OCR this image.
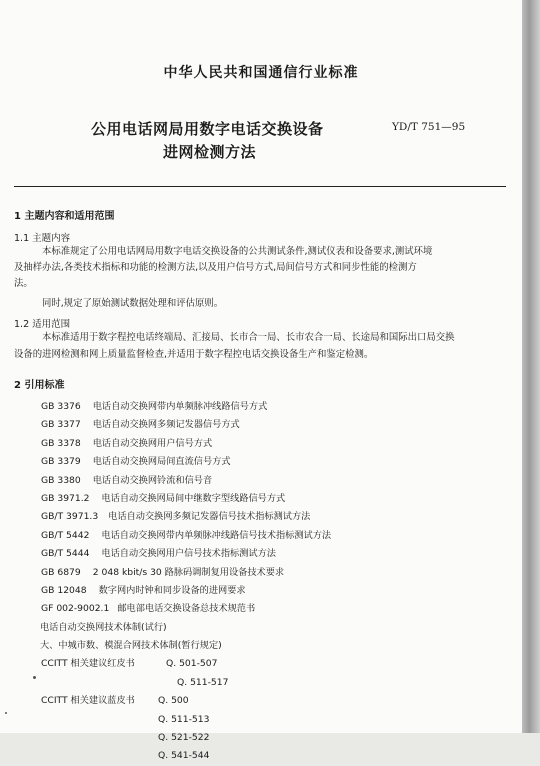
中华人民共和国通信行业标准
公用电话网局用数字电话交换设备
进网检测方法
YD/T 751—95
1 主题内容和适用范围
1.1 主题内容
本标准规定了公用电话网局用数字电话交换设备的公共测试条件,测试仪表和设备要求,测试环境
及抽样办法,各类技术指标和功能的检测方法,以及用户信号方式,局间信号方式和同步性能的检测方
法。
同时,规定了原始测试数据处理和评估原则。
1.2 适用范围
本标准适用于数字程控电话终端局、汇接局、长市合一局、长市农合一局、长途局和国际出口局交换
设备的进网检测和网上质量监督检查,并适用于数字程控电话交换设备生产和鉴定检测。
2 引用标准
GB 3376 电话自动交换网带内单频脉冲线路信号方式
GB 3377 电话自动交换网多频记发器信号方式
GB 3378 电话自动交换网用户信号方式
GB 3379 电话自动交换网局间直流信号方式
GB 3380 电话自动交换网铃流和信号音
GB 3971.2 电话自动交换网局间中继数字型线路信号方式
GB/T 3971.3 电话自动交换网多频记发器信号技术指标测试方法
GB/T 5442 电话自动交换网带内单频脉冲线路信号技术指标测试方法
GB/T 5444 电话自动交换网用户信号技术指标测试方法
GB 6879 2 048 kbit/s 30 路脉码调制复用设备技术要求
GB 12048 数字网内时钟和同步设备的进网要求
GF 002-9002.1 邮电部电话交换设备总技术规范书
电话自动交换网技术体制(试行)
大、中城市数、模混合网技术体制(暂行规定)
CCITT 相关建议红皮书	Q. 501-507
Q. 511-517
CCITT 相关建议蓝皮书	Q. 500
Q. 511-513
Q. 521-522
Q. 541-544
